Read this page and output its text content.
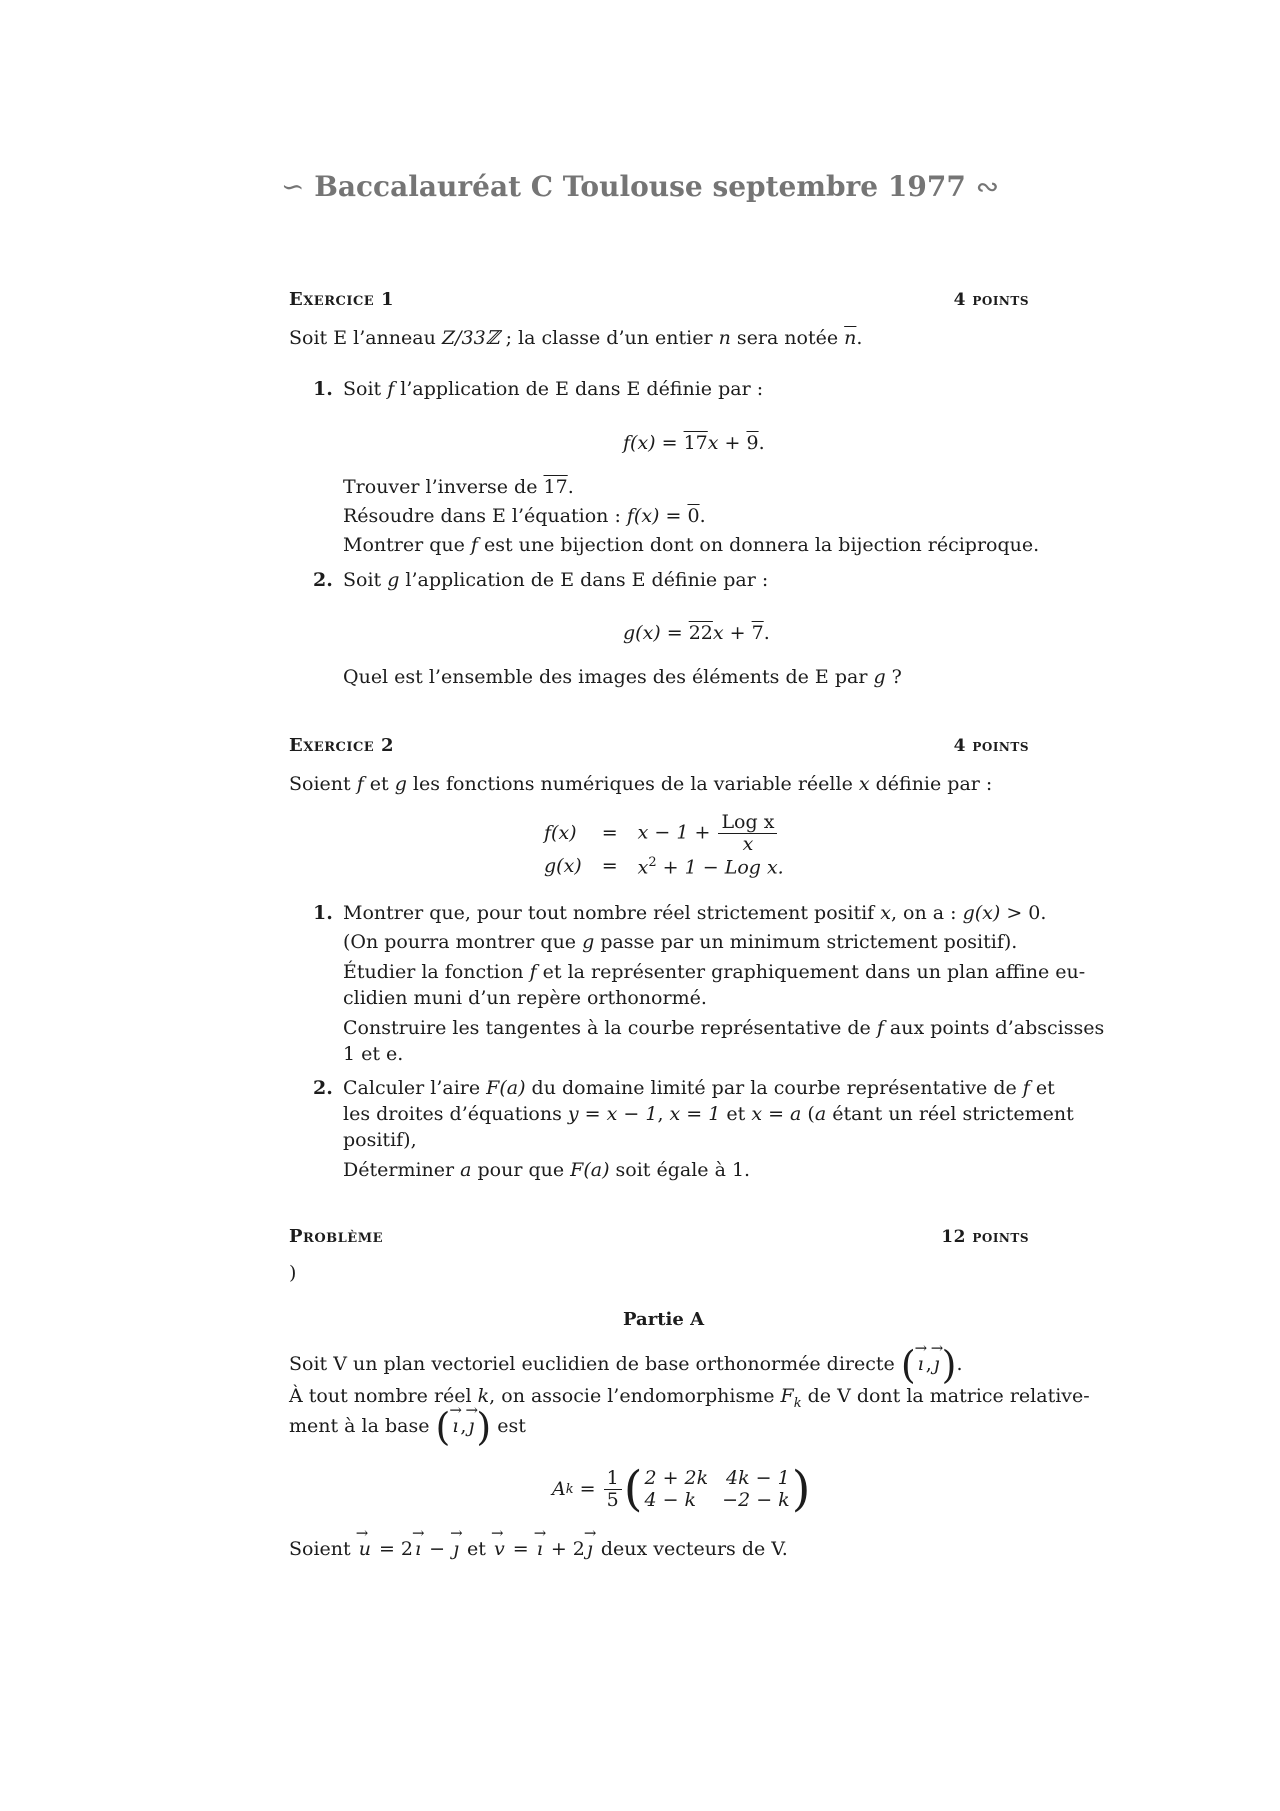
∽ Baccalauréat C Toulouse septembre 1977 ∾
Exercice 1	4 points
Soit E l’anneau Z/33ℤ ; la classe d’un entier n sera notée $\overline{n}$.
1. Soit f l’application de E dans E définie par :
f(x) = 17x + 9.
Trouver l’inverse de 17.
Résoudre dans E l’équation : f(x) = 0.
Montrer que f est une bijection dont on donnera la bijection réciproque.
2. Soit g l’application de E dans E définie par :
g(x) = 22x + 7.
Quel est l’ensemble des images des éléments de E par g ?
Exercice 2	4 points
Soient f et g les fonctions numériques de la variable réelle x définie par :
f(x)	=	$x - 1 + \frac{\text{Log x}}{x}$

g(x)	=	$x^2 + 1$ − Log x.
1. Montrer que, pour tout nombre réel strictement positif x, on a : g(x) > 0.
(On pourra montrer que g passe par un minimum strictement positif).
Étudier la fonction f et la représenter graphiquement dans un plan affine eu-
clidien muni d’un repère orthonormé.
Construire les tangentes à la courbe représentative de f aux points d’abscisses
1 et e.
2. Calculer l’aire F(a) du domaine limité par la courbe représentative de f et
les droites d’équations y = x − 1, x = 1 et x = a (a étant un réel strictement
positif),
Déterminer a pour que F(a) soit égale à 1.
Problème	12 points
)
Partie A
Soit V un plan vectoriel euclidien de base orthonormée directe ( → ı , → ȷ).
À tout nombre réel k, on associe l’endomorphisme $F_k$ de V dont la matrice relative-
ment à la base ( → ı , → ȷ) est
A $k = \frac{1}{5}$ ( 2 + 2k	4k − 1
4 − k	−2 − k )
Soient → u = 2 → ı − → ȷ et → v = → ı + 2 → ȷ deux vecteurs de V.
